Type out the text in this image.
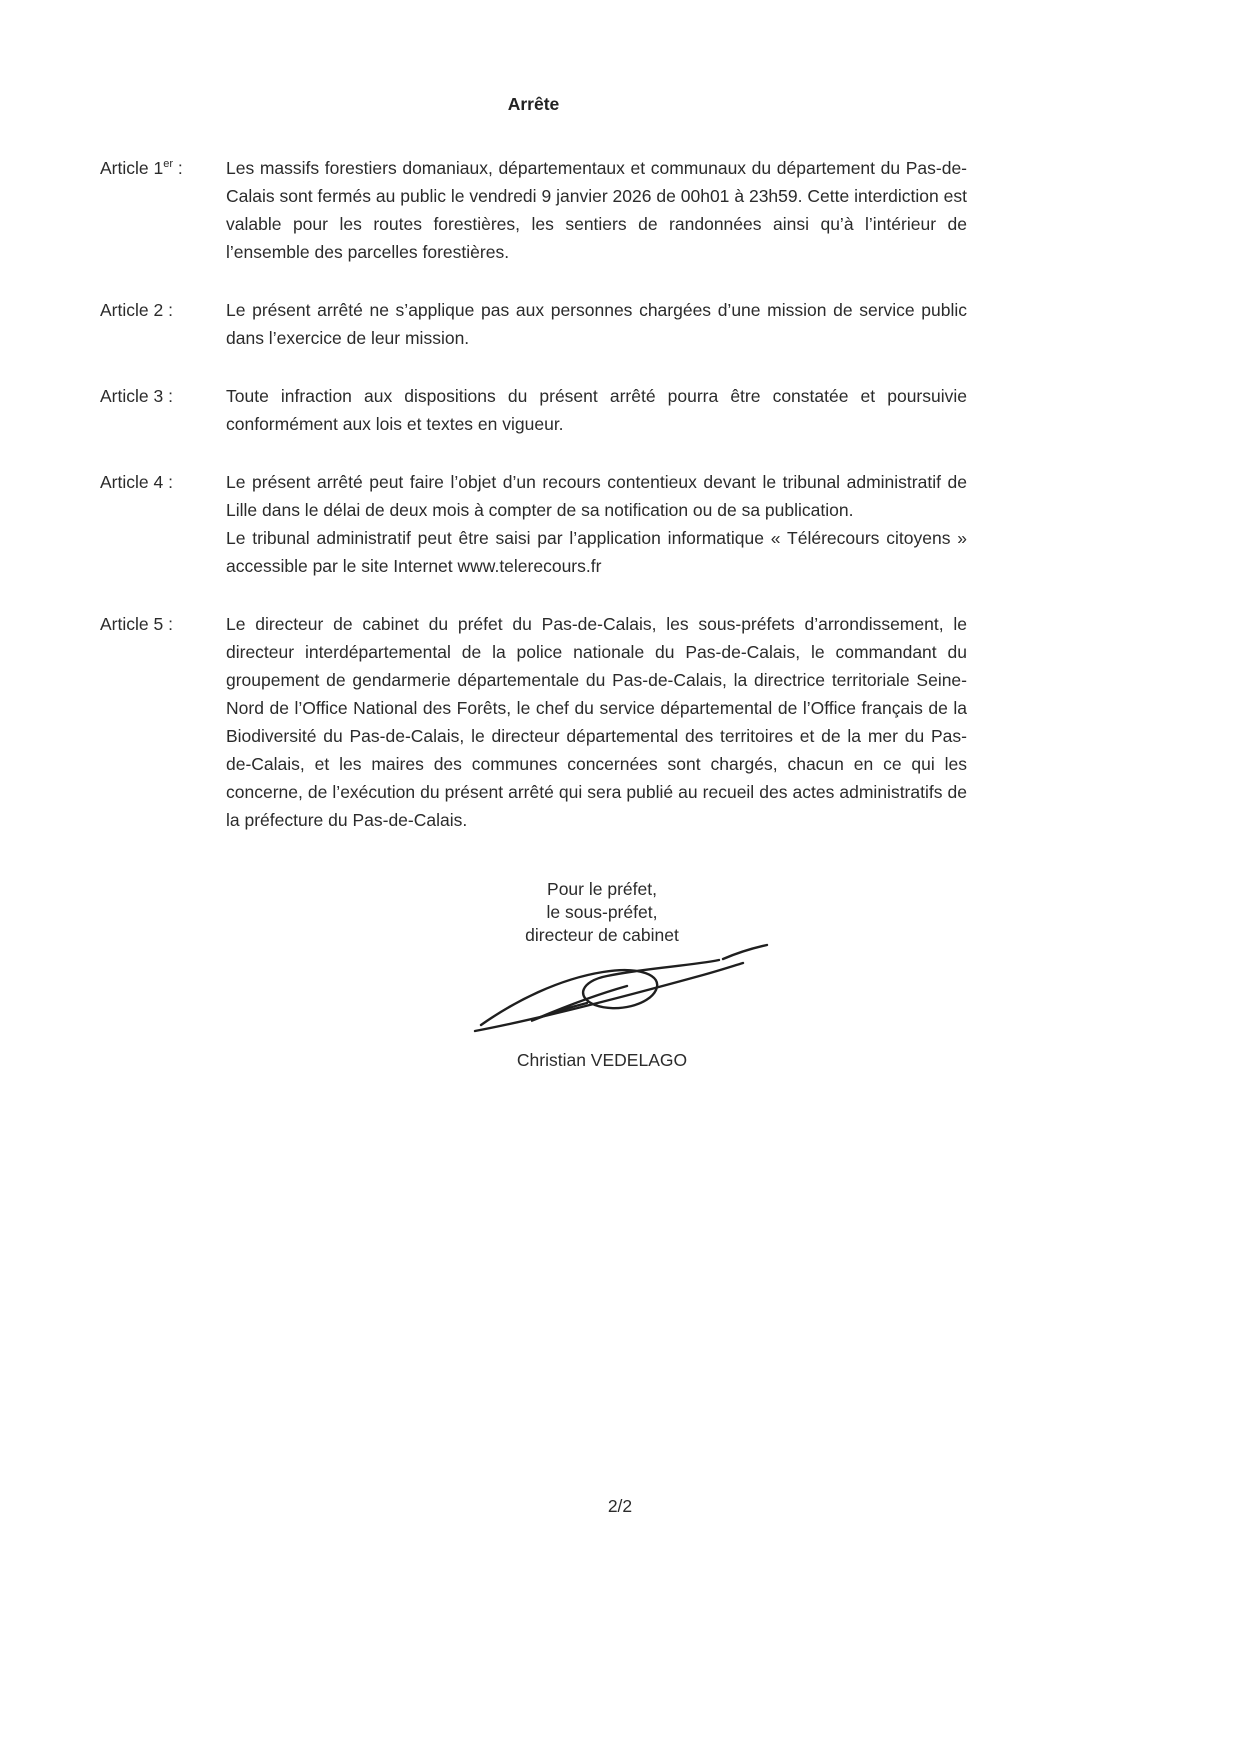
Arrête
Article 1er :	Les massifs forestiers domaniaux, départementaux et communaux du département du Pas-de-Calais sont fermés au public le vendredi 9 janvier 2026 de 00h01 à 23h59. Cette interdiction est valable pour les routes forestières, les sentiers de randonnées ainsi qu’à l’intérieur de l’ensemble des parcelles forestières.

Article 2 :	Le présent arrêté ne s’applique pas aux personnes chargées d’une mission de service public dans l’exercice de leur mission.

Article 3 :	Toute infraction aux dispositions du présent arrêté pourra être constatée et poursuivie conformément aux lois et textes en vigueur.

Article 4 :	Le présent arrêté peut faire l’objet d’un recours contentieux devant le tribunal administratif de Lille dans le délai de deux mois à compter de sa notification ou de sa publication.

Le tribunal administratif peut être saisi par l’application informatique « Télérecours citoyens » accessible par le site Internet www.telerecours.fr

Article 5 :	Le directeur de cabinet du préfet du Pas-de-Calais, les sous-préfets d’arrondissement, le directeur interdépartemental de la police nationale du Pas-de-Calais, le commandant du groupement de gendarmerie départementale du Pas-de-Calais, la directrice territoriale Seine-Nord de l’Office National des Forêts, le chef du service départemental de l’Office français de la Biodiversité du Pas-de-Calais, le directeur départemental des territoires et de la mer du Pas-de-Calais, et les maires des communes concernées sont chargés, chacun en ce qui les concerne, de l’exécution du présent arrêté qui sera publié au recueil des actes administratifs de la préfecture du Pas-de-Calais.

Pour le préfet,
le sous-préfet,
directeur de cabinet
Christian VEDELAGO
2/2
